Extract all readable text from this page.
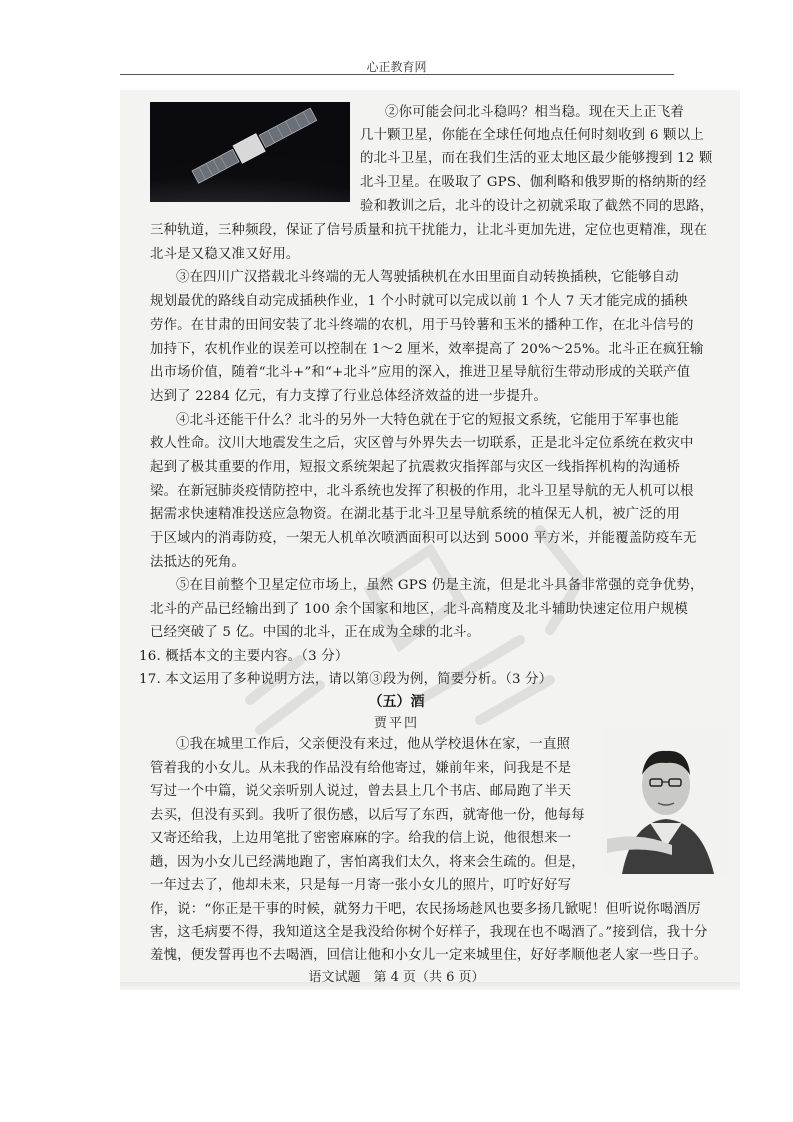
心正教育网
②你可能会问北斗稳吗？相当稳。现在天上正飞着
几十颗卫星，你能在全球任何地点任何时刻收到 6 颗以上
的北斗卫星，而在我们生活的亚太地区最少能够搜到 12 颗
北斗卫星。在吸取了 GPS、伽利略和俄罗斯的格纳斯的经
验和教训之后，北斗的设计之初就采取了截然不同的思路，
三种轨道，三种频段，保证了信号质量和抗干扰能力，让北斗更加先进，定位也更精准，现在
北斗是又稳又准又好用。
③在四川广汉搭载北斗终端的无人驾驶插秧机在水田里面自动转换插秧，它能够自动
规划最优的路线自动完成插秧作业，1 个小时就可以完成以前 1 个人 7 天才能完成的插秧
劳作。在甘肃的田间安装了北斗终端的农机，用于马铃薯和玉米的播种工作，在北斗信号的
加持下，农机作业的误差可以控制在 1～2 厘米，效率提高了 20%～25%。北斗正在疯狂输
出市场价值，随着“北斗+”和“+北斗”应用的深入，推进卫星导航衍生带动形成的关联产值
达到了 2284 亿元，有力支撑了行业总体经济效益的进一步提升。
④北斗还能干什么？北斗的另外一大特色就在于它的短报文系统，它能用于军事也能
救人性命。汶川大地震发生之后，灾区曾与外界失去一切联系，正是北斗定位系统在救灾中
起到了极其重要的作用，短报文系统架起了抗震救灾指挥部与灾区一线指挥机构的沟通桥
梁。在新冠肺炎疫情防控中，北斗系统也发挥了积极的作用，北斗卫星导航的无人机可以根
据需求快速精准投送应急物资。在湖北基于北斗卫星导航系统的植保无人机，被广泛的用
于区域内的消毒防疫，一架无人机单次喷洒面积可以达到 5000 平方米，并能覆盖防疫车无
法抵达的死角。
⑤在目前整个卫星定位市场上，虽然 GPS 仍是主流，但是北斗具备非常强的竞争优势，
北斗的产品已经输出到了 100 余个国家和地区，北斗高精度及北斗辅助快速定位用户规模
已经突破了 5 亿。中国的北斗，正在成为全球的北斗。
16. 概括本文的主要内容。（3 分）
17. 本文运用了多种说明方法，请以第③段为例，简要分析。（3 分）
（五）酒
贾平凹
①我在城里工作后，父亲便没有来过，他从学校退休在家，一直照
管着我的小女儿。从未我的作品没有给他寄过，嫌前年来，问我是不是
写过一个中篇，说父亲听别人说过，曾去县上几个书店、邮局跑了半天
去买，但没有买到。我听了很伤感，以后写了东西，就寄他一份，他每每
又寄还给我，上边用笔批了密密麻麻的字。给我的信上说，他很想来一
趟，因为小女儿已经满地跑了，害怕离我们太久，将来会生疏的。但是，
一年过去了，他却未来，只是每一月寄一张小女儿的照片，叮咛好好写
作，说：“你正是干事的时候，就努力干吧，农民扬场趁风也要多扬几锨呢！但听说你喝酒厉
害，这毛病要不得，我知道这全是我没给你树个好样子，我现在也不喝酒了。”接到信，我十分
羞愧，便发誓再也不去喝酒，回信让他和小女儿一定来城里住，好好孝顺他老人家一些日子。
语文试题　第 4 页（共 6 页）
